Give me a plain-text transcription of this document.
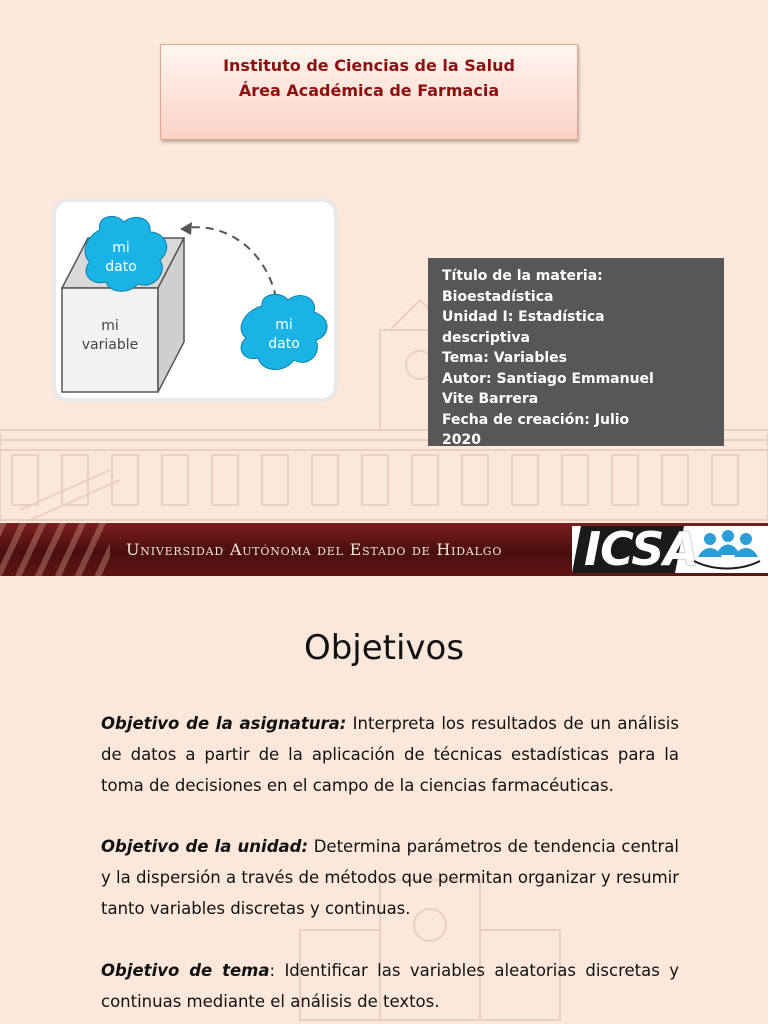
Instituto de Ciencias de la Salud
Área Académica de Farmacia
mi
dato
mi
variable
mi
dato
Título de la materia:
Bioestadística
Unidad I: Estadística
descriptiva
Tema: Variables
Autor: Santiago Emmanuel
Vite Barrera
Fecha de creación: Julio
2020
Universidad Autónoma del Estado de Hidalgo ICSA
Objetivos

Objetivo de la asignatura: Interpreta los resultados de un análisis de datos a partir de la aplicación de técnicas estadísticas para la toma de decisiones en el campo de la ciencias farmacéuticas.

Objetivo de la unidad: Determina parámetros de tendencia central y la dispersión a través de métodos que permitan organizar y resumir tanto variables discretas y continuas.

Objetivo de tema: Identificar las variables aleatorias discretas y continuas mediante el análisis de textos.
